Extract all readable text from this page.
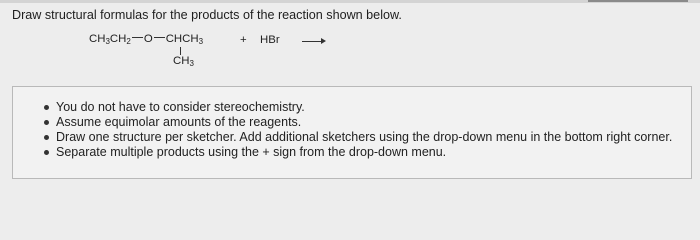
Draw structural formulas for the products of the reaction shown below.
$CH_3CH_2$ O $CHCH_3$
$CH_3$
+ HBr
You do not have to consider stereochemistry.
Assume equimolar amounts of the reagents.
Draw one structure per sketcher. Add additional sketchers using the drop-down menu in the bottom right corner.
Separate multiple products using the + sign from the drop-down menu.
